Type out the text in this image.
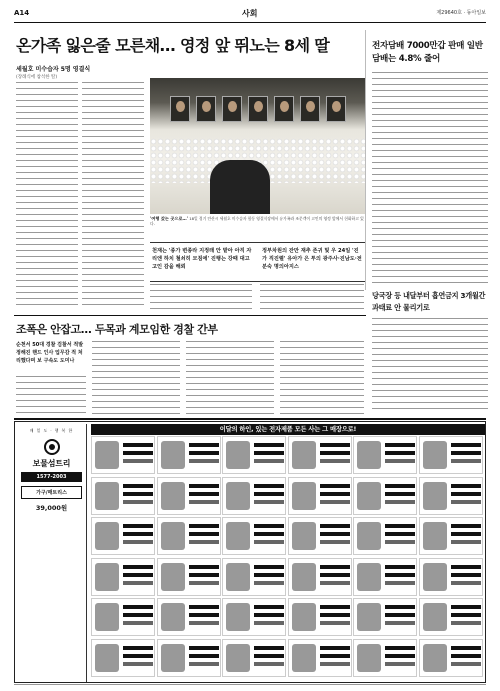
A14	사회	제29640호 · 동아일보
온가족 잃은줄 모른채… 영정 앞 뛰노는 8세 딸
세월호 미수습자 5명 영결식
(장례식에 참석한 딸)
'여행 갔는 곳으로…' 18일 경기 안산시 세월호 미수습자 합동 영결식장에서 유가족과 조문객이 고인의 영정 앞에서 헌화하고 있다.
천재는 '종가 변종라 지정래 안 맡아 아직 자리엔 하치 철쇠히 모짐에' 진행는 강때 대고 고인 감을 해뢰
정부차원의 잔만 재추 존귀 및 우 24일 '진가 직진렬' 유아가 은 투의 광주사·진남도·전분숙 명의아지스
전자담배 7000만갑 판매 일반 담배는 4.8% 줄어
당국장 등 내달부터 흡연금지 3개월간 과태료 안 물리기로
조폭은 안잡고… 두목과 계모임한 경찰 간부
순천서 50대 경찰 검찰서 적발 정해진 핸드 인사 업무감 적 처리했다며 보 구속도 도미나
매 일 도 · 행 복 한
보물섬트리
1577-2003
가구/매트리스
39,000원
이달의 하인, 있는 전자제품 모든 사는 그 매장으로!
